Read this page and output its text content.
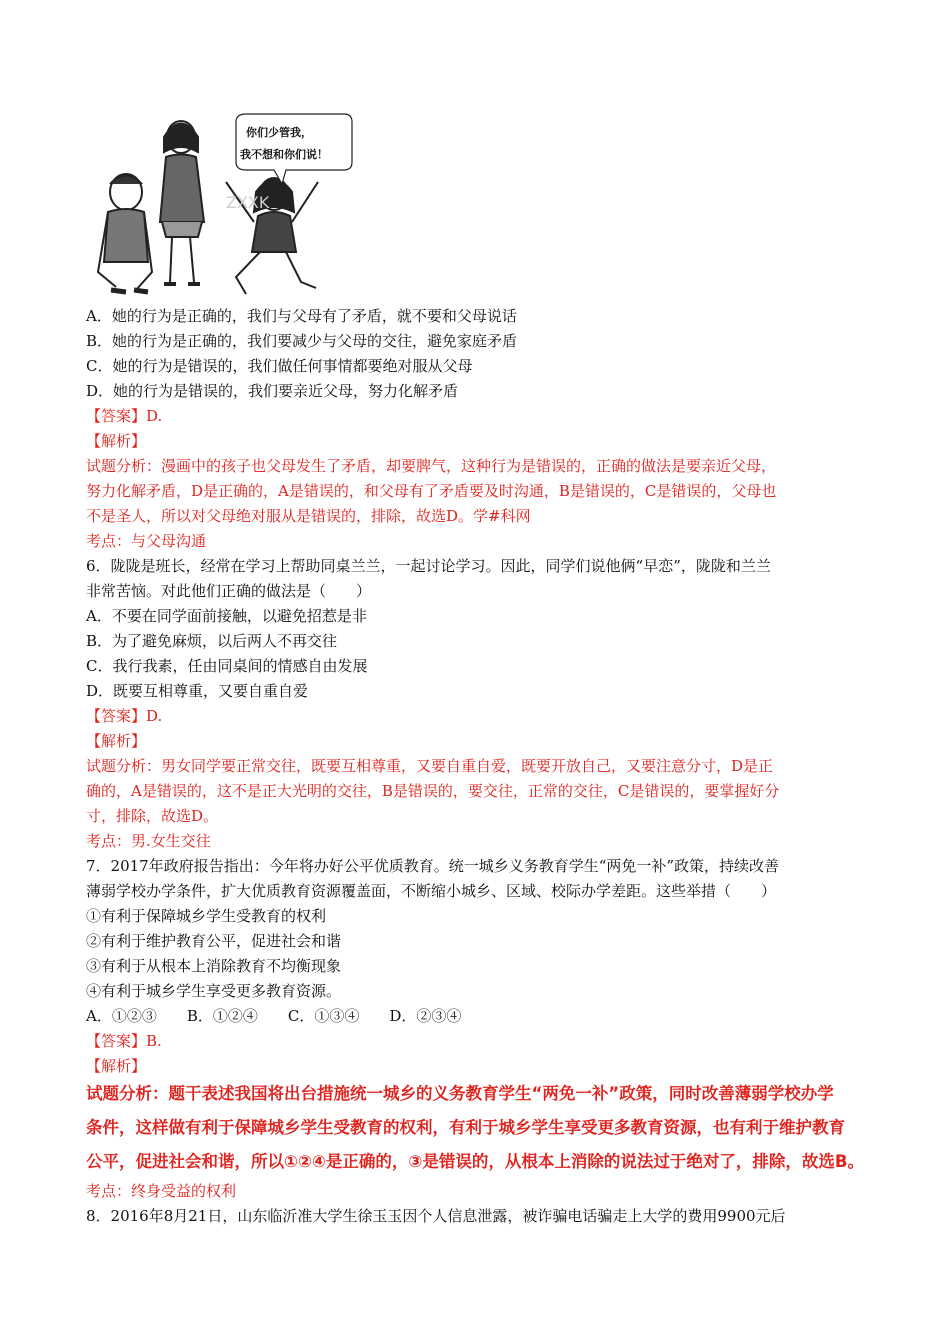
你们少管我，
我不想和你们说！
ZXXK
A．她的行为是正确的，我们与父母有了矛盾，就不要和父母说话
B．她的行为是正确的，我们要减少与父母的交往，避免家庭矛盾
C．她的行为是错误的，我们做任何事情都要绝对服从父母
D．她的行为是错误的，我们要亲近父母，努力化解矛盾
【答案】D.
【解析】
试题分析：漫画中的孩子也父母发生了矛盾，却要脾气，这种行为是错误的，正确的做法是要亲近父母，
努力化解矛盾，D是正确的，A是错误的，和父母有了矛盾要及时沟通，B是错误的，C是错误的，父母也
不是圣人，所以对父母绝对服从是错误的，排除，故选D。学#科网
考点：与父母沟通
6．陇陇是班长，经常在学习上帮助同桌兰兰，一起讨论学习。因此，同学们说他俩“早恋”，陇陇和兰兰
非常苦恼。对此他们正确的做法是（　　）
A．不要在同学面前接触，以避免招惹是非
B．为了避免麻烦，以后两人不再交往
C．我行我素，任由同桌间的情感自由发展
D．既要互相尊重，又要自重自爱
【答案】D.
【解析】
试题分析：男女同学要正常交往，既要互相尊重，又要自重自爱，既要开放自己，又要注意分寸，D是正
确的，A是错误的，这不是正大光明的交往，B是错误的，要交往，正常的交往，C是错误的，要掌握好分
寸，排除，故选D。
考点：男.女生交往
7．2017年政府报告指出：今年将办好公平优质教育。统一城乡义务教育学生“两免一补”政策，持续改善
薄弱学校办学条件，扩大优质教育资源覆盖面，不断缩小城乡、区域、校际办学差距。这些举措（　　）
①有利于保障城乡学生受教育的权利
②有利于维护教育公平，促进社会和谐
③有利于从根本上消除教育不均衡现象
④有利于城乡学生享受更多教育资源。
A．①②③　　B．①②④　　C．①③④　　D．②③④
【答案】B.
【解析】
试题分析：题干表述我国将出台措施统一城乡的义务教育学生“两免一补”政策，同时改善薄弱学校办学
条件，这样做有利于保障城乡学生受教育的权利，有利于城乡学生享受更多教育资源，也有利于维护教育
公平，促进社会和谐，所以①②④是正确的，③是错误的，从根本上消除的说法过于绝对了，排除，故选B。
考点：终身受益的权利
8．2016年8月21日，山东临沂准大学生徐玉玉因个人信息泄露，被诈骗电话骗走上大学的费用9900元后
